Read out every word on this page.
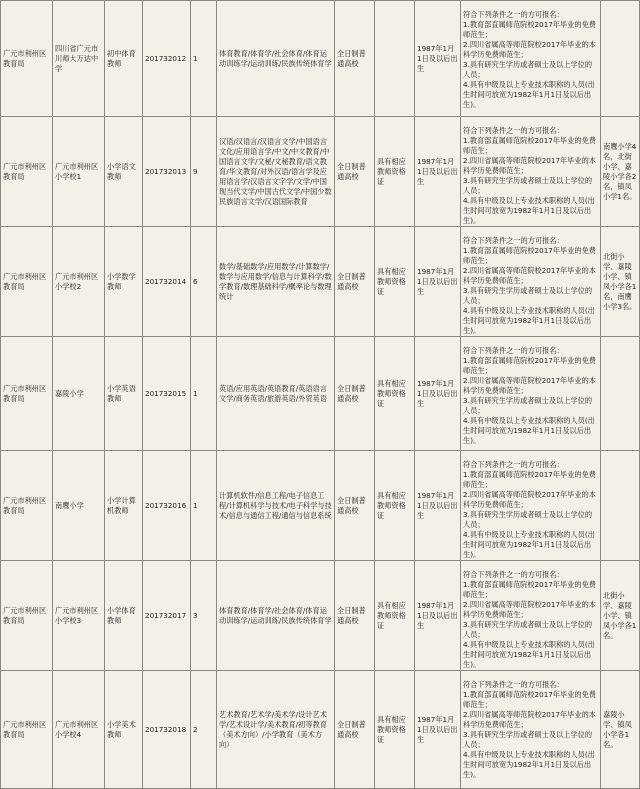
广元市利州区教育局	四川省广元市川师大万达中学	初中体育教师	201732012	1	体育教育/体育学/社会体育/体育运动训练学/运动训练/民族传统体育学	全日制普通高校		1987年1月1日及以后出生	符合下列条件之一的方可报名：
1.教育部直属师范院校2017年毕业的免费师范生；
2.四川省属高等师范院校2017年毕业的本科学历免费师范生；
3.具有研究生学历或者硕士及以上学位的人员；
4.具有中级及以上专业技术职称的人员(出生时间可放宽为1982年1月1日及以后出生)。	

广元市利州区教育局	广元市利州区小学校1	小学语文教师	201732013	9	汉语/汉语言/汉语言文学/中国语言文化/应用语言学/中文/中文教育/中国语言文学/文秘/文秘教育/语文教育/华文教育/对外汉语/语言学及应用语言学/汉语言文字学/文学/中国现当代文学/中国古代文学/中国少数民族语言文学/汉语国际教育	全日制普通高校	具有相应教师资格证	1987年1月1日及以后出生	符合下列条件之一的方可报名：
1.教育部直属师范院校2017年毕业的免费师范生；
2.四川省属高等师范院校2017年毕业的本科学历免费师范生；
3.具有研究生学历或者硕士及以上学位的人员；
4.具有中级及以上专业技术职称的人员(出生时间可放宽为1982年1月1日及以后出生)。	南鹰小学4名，北街小学、嘉陵小学各2名，镇凤小学1名。
广元市利州区教育局	广元市利州区小学校2	小学数学教师	201732014	6	数学/基础数学/应用数学/计算数学/数学与应用数学/信息与计算科学/数学教育/数理基础科学/概率论与数理统计	全日制普通高校	具有相应教师资格证	1987年1月1日及以后出生	符合下列条件之一的方可报名：
1.教育部直属师范院校2017年毕业的免费师范生；
2.四川省属高等师范院校2017年毕业的本科学历免费师范生；
3.具有研究生学历或者硕士及以上学位的人员；
4.具有中级及以上专业技术职称的人员(出生时间可放宽为1982年1月1日及以后出生)。	北街小学、嘉陵小学、镇凤小学各1名，南鹰小学3名。
广元市利州区教育局	嘉陵小学	小学英语教师	201732015	1	英语/应用英语/英语教育/英语语言文学/商务英语/旅游英语/外贸英语	全日制普通高校	具有相应教师资格证	1987年1月1日及以后出生	符合下列条件之一的方可报名：
1.教育部直属师范院校2017年毕业的免费师范生；
2.四川省属高等师范院校2017年毕业的本科学历免费师范生；
3.具有研究生学历或者硕士及以上学位的人员；
4.具有中级及以上专业技术职称的人员(出生时间可放宽为1982年1月1日及以后出生)。	

广元市利州区教育局	南鹰小学	小学计算机教师	201732016	1	计算机软件/信息工程/电子信息工程/计算机科学与技术/电子科学与技术/信息与通信工程/通信与信息系统	全日制普通高校	具有相应教师资格证	1987年1月1日及以后出生	符合下列条件之一的方可报名：
1.教育部直属师范院校2017年毕业的免费师范生；
2.四川省属高等师范院校2017年毕业的本科学历免费师范生；
3.具有研究生学历或者硕士及以上学位的人员；
4.具有中级及以上专业技术职称的人员(出生时间可放宽为1982年1月1日及以后出生)。	

广元市利州区教育局	广元市利州区小学校3	小学体育教师	201732017	3	体育教育/体育学/社会体育/体育运动训练学/运动训练/民族传统体育学	全日制普通高校	具有相应教师资格证	1987年1月1日及以后出生	符合下列条件之一的方可报名：
1.教育部直属师范院校2017年毕业的免费师范生；
2.四川省属高等师范院校2017年毕业的本科学历免费师范生；
3.具有研究生学历或者硕士及以上学位的人员；
4.具有中级及以上专业技术职称的人员(出生时间可放宽为1982年1月1日及以后出生)。	北街小学、嘉陵小学、镇凤小学各1名。
广元市利州区教育局	广元市利州区小学校4	小学美术教师	201732018	2	艺术教育/艺术学/美术学/设计艺术学/艺术设计学/美术教育/初等教育（美术方向）/小学教育（美术方向）	全日制普通高校	具有相应教师资格证	1987年1月1日及以后出生	符合下列条件之一的方可报名：
1.教育部直属师范院校2017年毕业的免费师范生；
2.四川省属高等师范院校2017年毕业的本科学历免费师范生；
3.具有研究生学历或者硕士及以上学位的人员；
4.具有中级及以上专业技术职称的人员(出生时间可放宽为1982年1月1日及以后出生)。	嘉陵小学、镇凤小学各1名。
